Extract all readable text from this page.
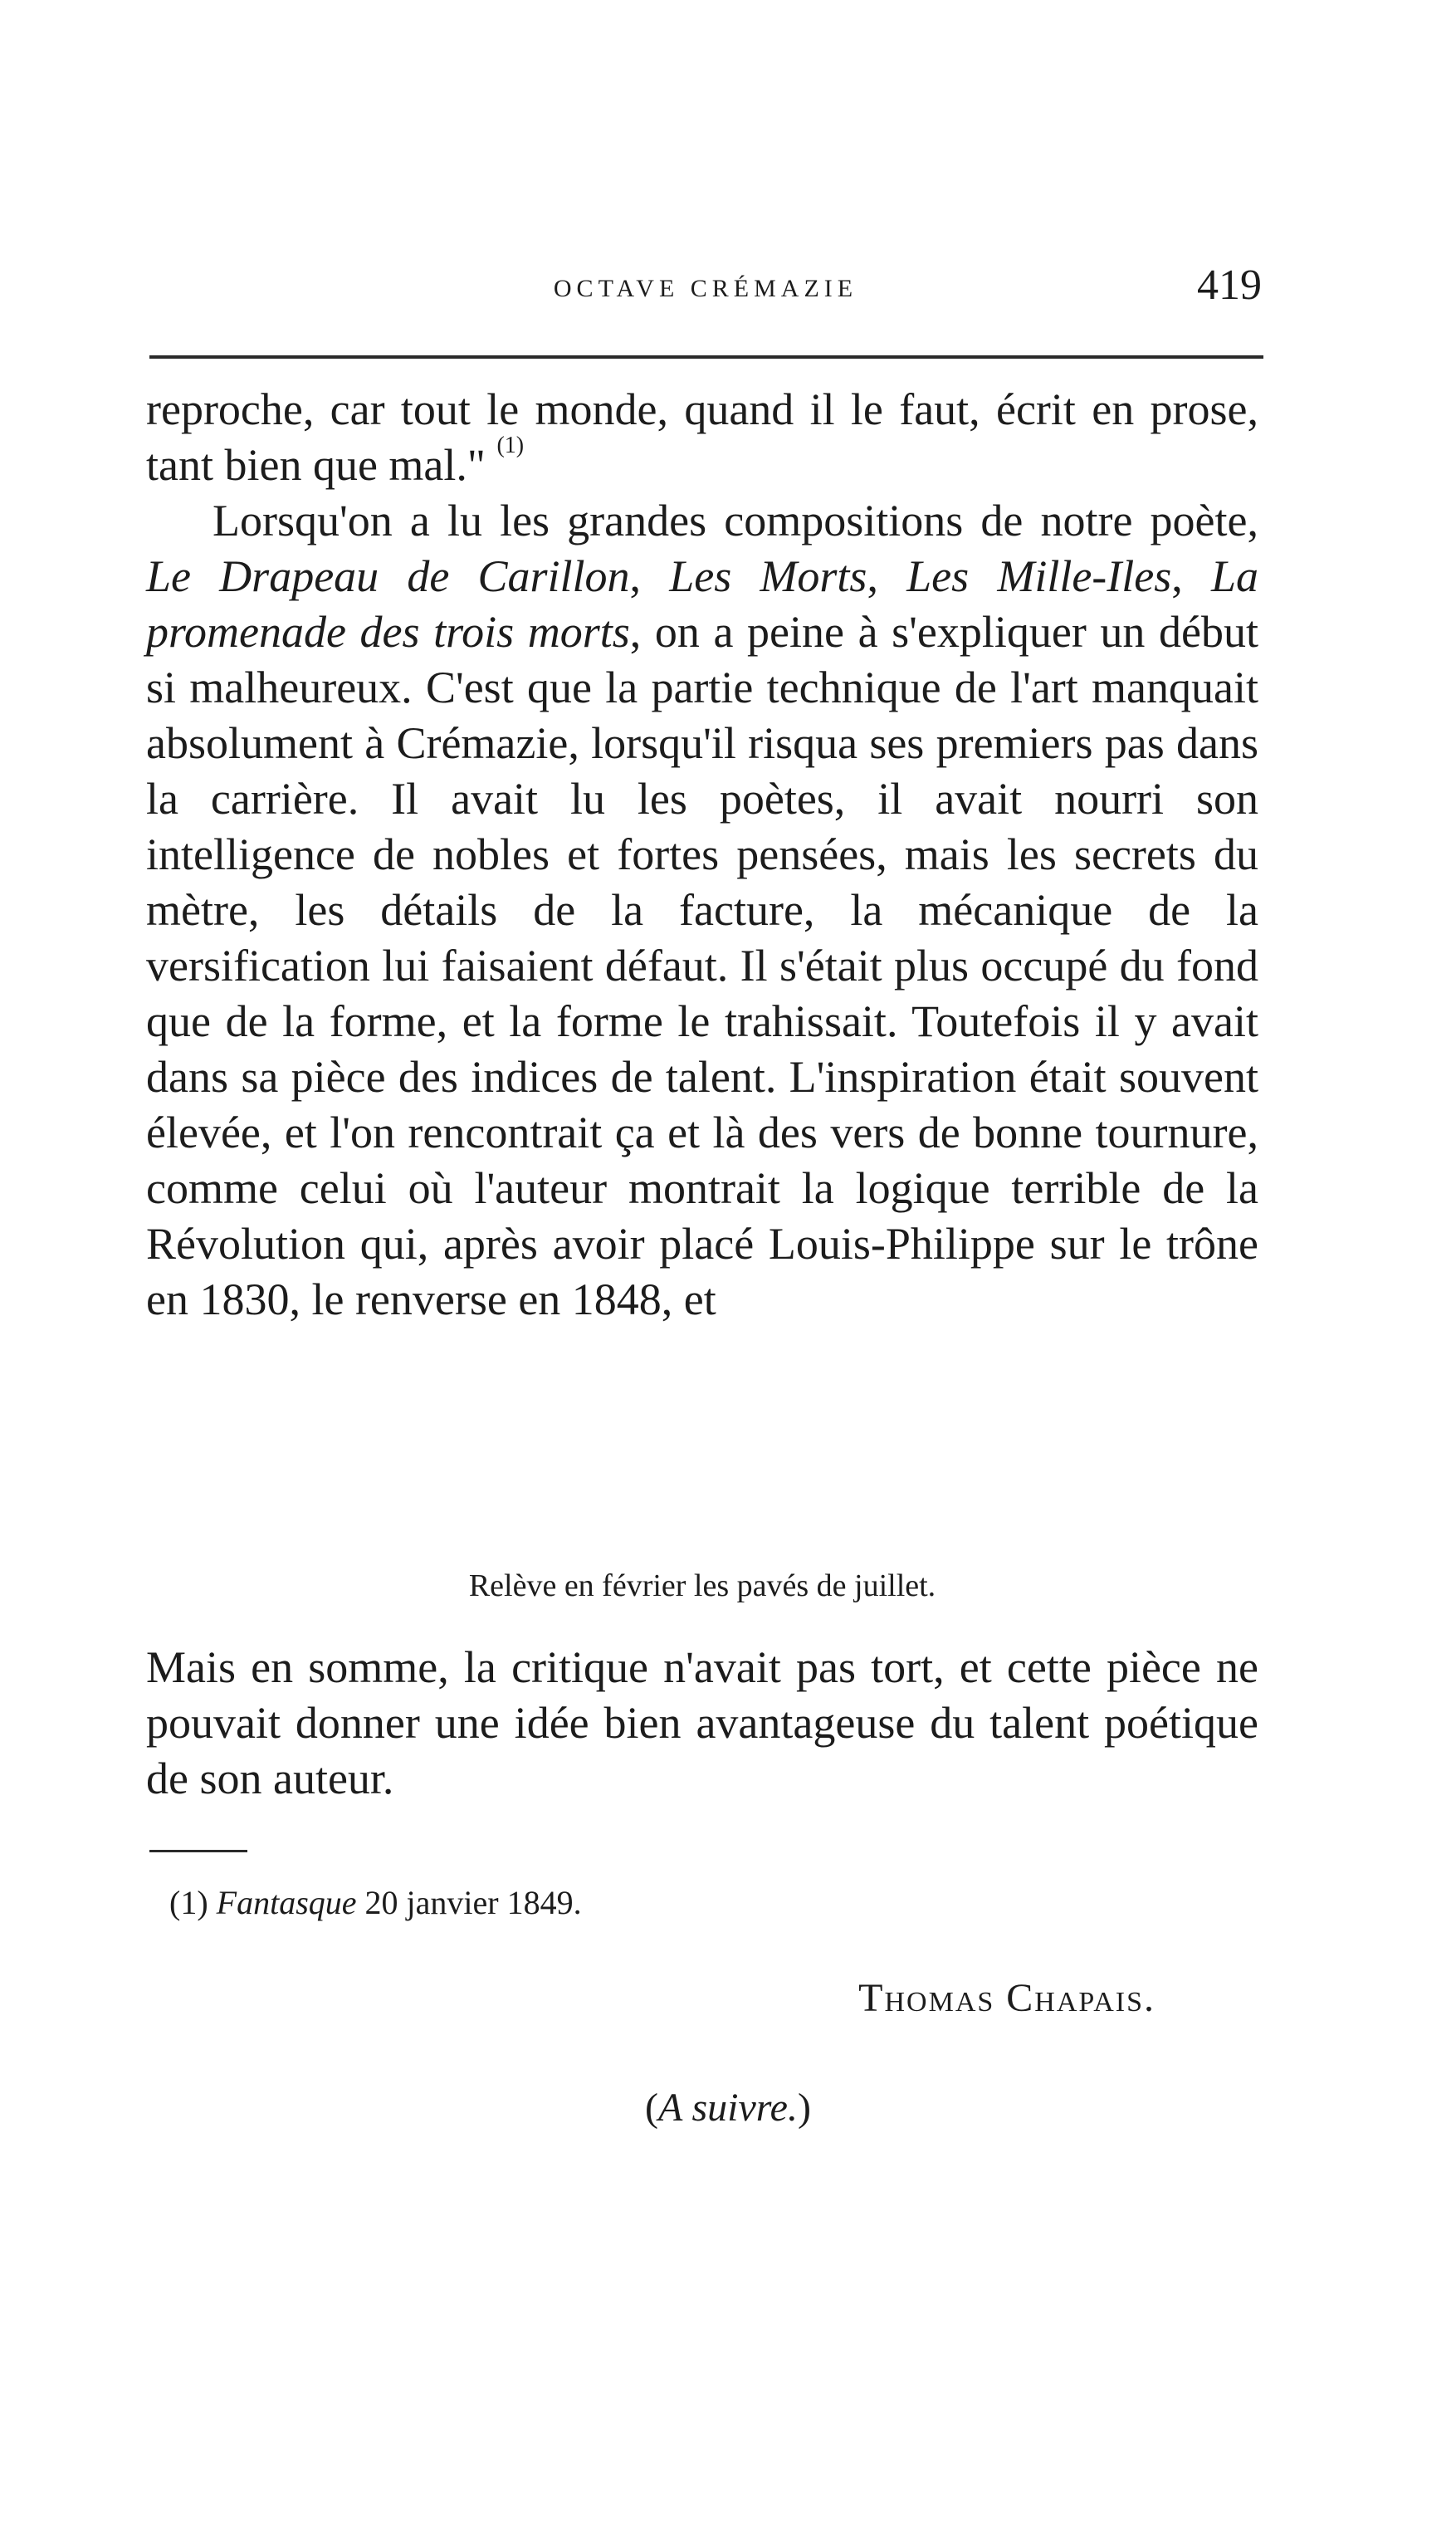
OCTAVE CRÉMAZIE	419

reproche, car tout le monde, quand il le faut, écrit en prose, tant bien que mal." $^{(1)}$

Lorsqu'on a lu les grandes compositions de notre poète, Le Drapeau de Carillon, Les Morts, Les Mille-Iles, La promenade des trois morts, on a peine à s'expliquer un début si malheureux. C'est que la partie technique de l'art manquait absolument à Crémazie, lorsqu'il risqua ses premiers pas dans la carrière. Il avait lu les poètes, il avait nourri son intelligence de nobles et fortes pensées, mais les secrets du mètre, les détails de la facture, la mécanique de la versification lui faisaient défaut. Il s'était plus occupé du fond que de la forme, et la forme le trahissait. Toutefois il y avait dans sa pièce des indices de talent. L'inspiration était souvent élevée, et l'on rencontrait ça et là des vers de bonne tournure, comme celui où l'auteur montrait la logique terrible de la Révolution qui, après avoir placé Louis-Philippe sur le trône en 1830, le renverse en 1848, et

Relève en février les pavés de juillet.

Mais en somme, la critique n'avait pas tort, et cette pièce ne pouvait donner une idée bien avantageuse du talent poétique de son auteur.

(1) Fantasque 20 janvier 1849.
Thomas Chapais.
(A suivre.)
